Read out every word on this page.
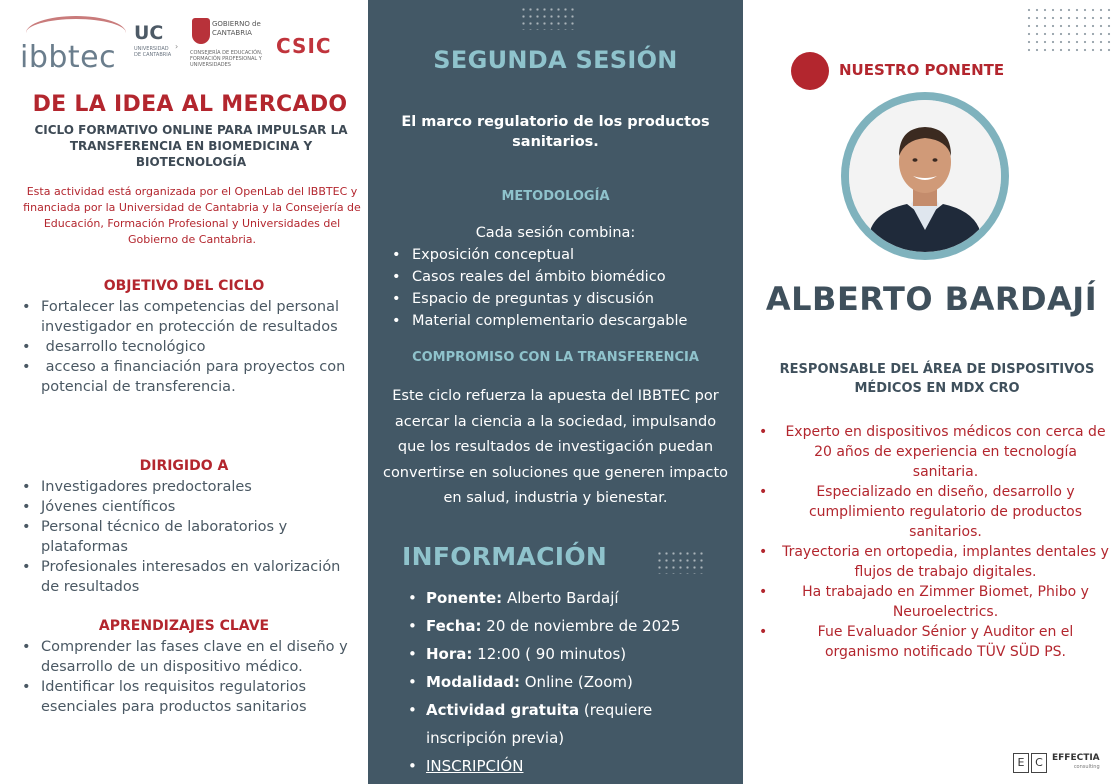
ibbtec
UC
UNIVERSIDAD DE CANTABRIA
›
GOBIERNO de CANTABRIA
CONSEJERÍA DE EDUCACIÓN, FORMACIÓN PROFESIONAL Y UNIVERSIDADES
CSIC
DE LA IDEA AL MERCADO
CICLO FORMATIVO ONLINE PARA IMPULSAR LA TRANSFERENCIA EN BIOMEDICINA Y BIOTECNOLOGÍA
Esta actividad está organizada por el OpenLab del IBBTEC y financiada por la Universidad de Cantabria y la Consejería de Educación, Formación Profesional y Universidades del Gobierno de Cantabria.
OBJETIVO DEL CICLO
• Fortalecer las competencias del personal investigador en protección de resultados
•  desarrollo tecnológico
•  acceso a financiación para proyectos con potencial de transferencia.
DIRIGIDO A
• Investigadores predoctorales
• Jóvenes científicos
• Personal técnico de laboratorios y plataformas
• Profesionales interesados en valorización de resultados
APRENDIZAJES CLAVE
• Comprender las fases clave en el diseño y desarrollo de un dispositivo médico.
• Identificar los requisitos regulatorios esenciales para productos sanitarios
SEGUNDA SESIÓN
El marco regulatorio de los productos sanitarios.
METODOLOGÍA
Cada sesión combina:
• Exposición conceptual
• Casos reales del ámbito biomédico
• Espacio de preguntas y discusión
• Material complementario descargable
COMPROMISO CON LA TRANSFERENCIA
Este ciclo refuerza la apuesta del IBBTEC por acercar la ciencia a la sociedad, impulsando que los resultados de investigación puedan convertirse en soluciones que generen impacto en salud, industria y bienestar.
INFORMACIÓN
• Ponente: Alberto Bardají
• Fecha: 20 de noviembre de 2025
• Hora: 12:00 ( 90 minutos)
• Modalidad: Online (Zoom)
• Actividad gratuita (requiere inscripción previa)
• INSCRIPCIÓN
NUESTRO PONENTE
ALBERTO BARDAJÍ
RESPONSABLE DEL ÁREA DE DISPOSITIVOS MÉDICOS EN MDX CRO
• Experto en dispositivos médicos con cerca de 20 años de experiencia en tecnología sanitaria.
• Especializado en diseño, desarrollo y cumplimiento regulatorio de productos sanitarios.
• Trayectoria en ortopedia, implantes dentales y flujos de trabajo digitales.
• Ha trabajado en Zimmer Biomet, Phibo y Neuroelectrics.
• Fue Evaluador Sénior y Auditor en el organismo notificado TÜV SÜD PS.
E C	EFFECTIA
consulting
